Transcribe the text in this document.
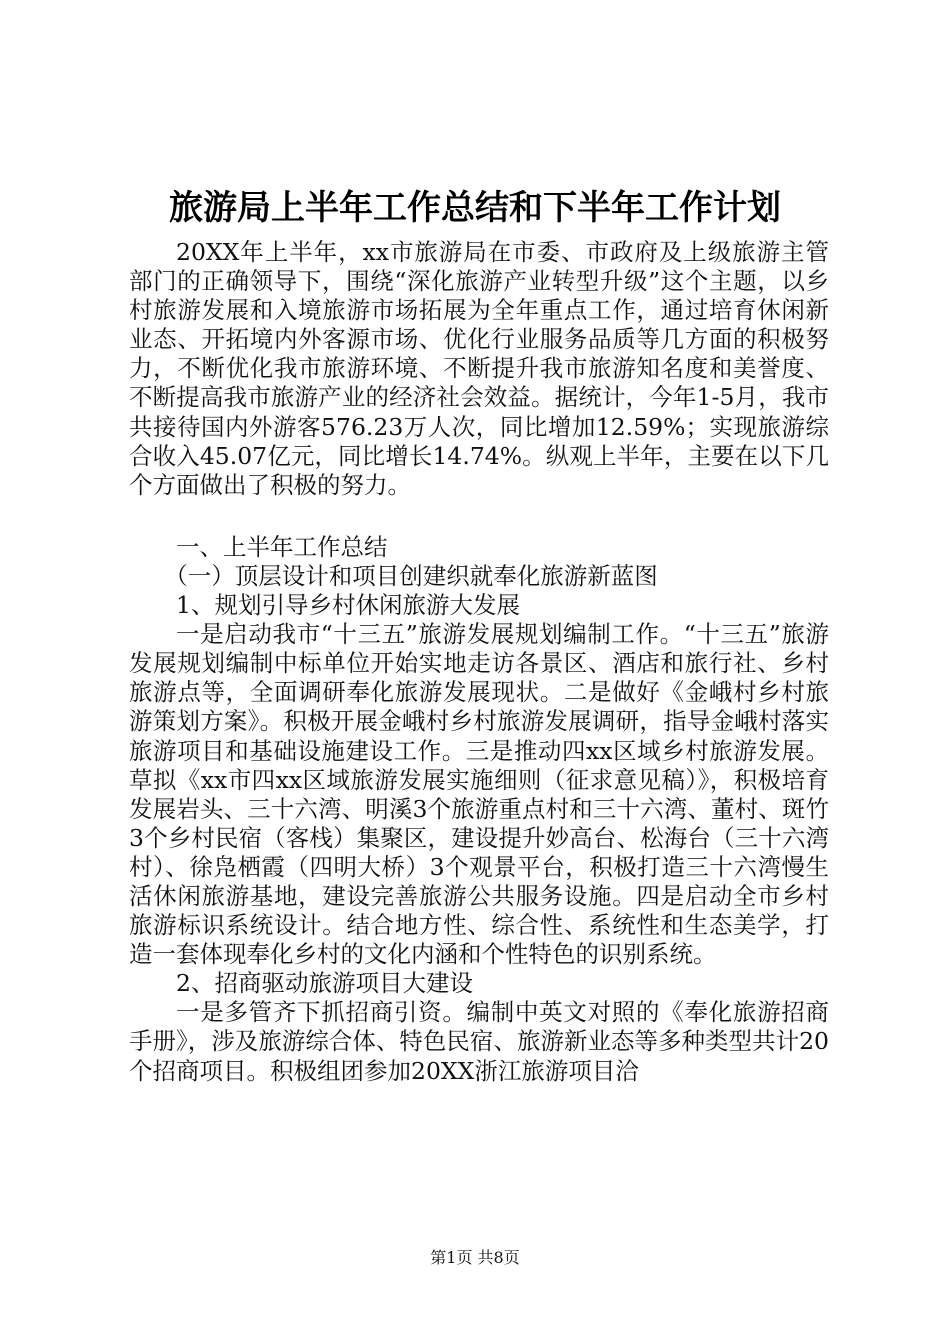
旅游局上半年工作总结和下半年工作计划

20XX年上半年，xx市旅游局在市委、市政府及上级旅游主管部门的正确领导下，围绕“深化旅游产业转型升级”这个主题，以乡村旅游发展和入境旅游市场拓展为全年重点工作，通过培育休闲新业态、开拓境内外客源市场、优化行业服务品质等几方面的积极努力，不断优化我市旅游环境、不断提升我市旅游知名度和美誉度、不断提高我市旅游产业的经济社会效益。据统计，今年1-5月，我市共接待国内外游客576.23万人次，同比增加12.59%；实现旅游综合收入45.07亿元，同比增长14.74%。纵观上半年，主要在以下几个方面做出了积极的努力。

一、上半年工作总结

（一）顶层设计和项目创建织就奉化旅游新蓝图

1、规划引导乡村休闲旅游大发展

一是启动我市“十三五”旅游发展规划编制工作。“十三五”旅游发展规划编制中标单位开始实地走访各景区、酒店和旅行社、乡村旅游点等，全面调研奉化旅游发展现状。二是做好《金峨村乡村旅游策划方案》。积极开展金峨村乡村旅游发展调研，指导金峨村落实旅游项目和基础设施建设工作。三是推动四xx区域乡村旅游发展。草拟《xx市四xx区域旅游发展实施细则（征求意见稿）》，积极培育发展岩头、三十六湾、明溪3个旅游重点村和三十六湾、董村、斑竹3个乡村民宿（客栈）集聚区，建设提升妙高台、松海台（三十六湾村）、徐凫栖霞（四明大桥）3个观景平台，积极打造三十六湾慢生活休闲旅游基地，建设完善旅游公共服务设施。四是启动全市乡村旅游标识系统设计。结合地方性、综合性、系统性和生态美学，打造一套体现奉化乡村的文化内涵和个性特色的识别系统。

2、招商驱动旅游项目大建设

一是多管齐下抓招商引资。编制中英文对照的《奉化旅游招商手册》，涉及旅游综合体、特色民宿、旅游新业态等多种类型共计20个招商项目。积极组团参加20XX浙江旅游项目洽

第1页 共8页
